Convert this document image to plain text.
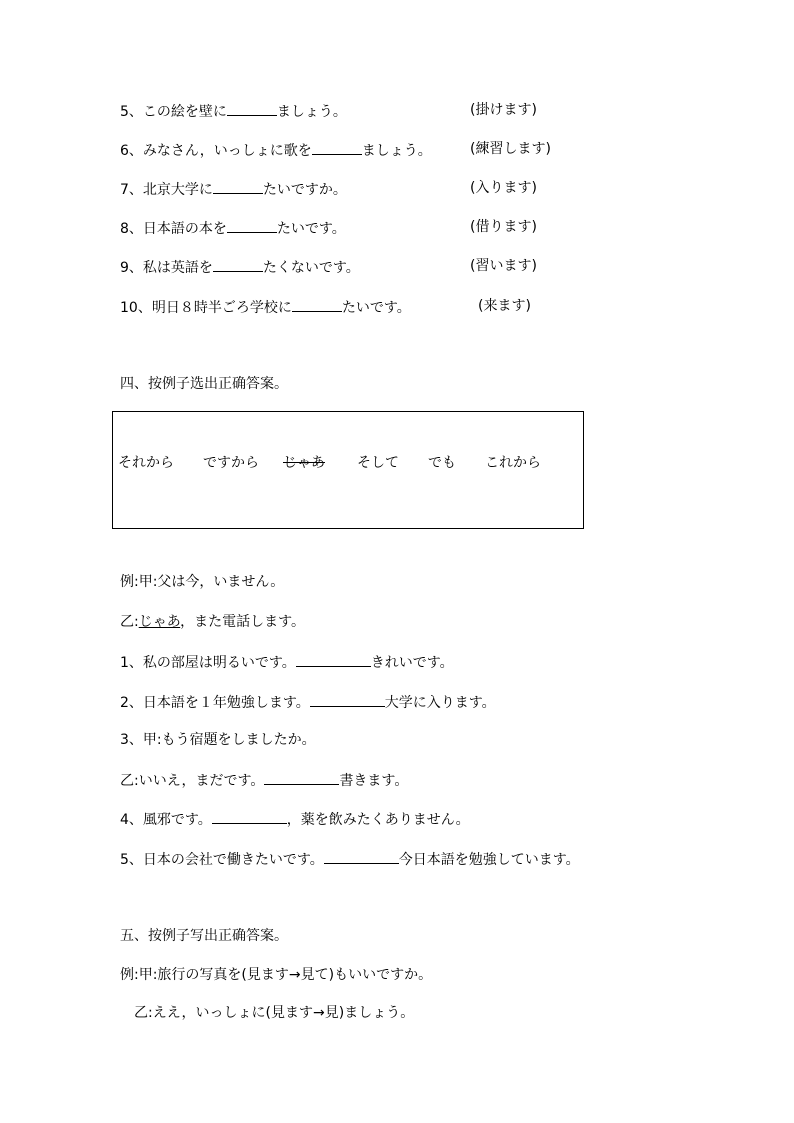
5、この絵を壁に	ましょう。	(掛けます)
6、みなさん，いっしょに歌を	ましょう。	(練習します)
7、北京大学に	たいですか。	(入ります)
8、日本語の本を	たいです。	(借ります)
9、私は英語を	たくないです。	(習います)
10、明日８時半ごろ学校に	たいです。	(来ます)
四、按例子选出正确答案。
それから ですから じゃあ そして でも これから
例:甲:父は今，いません。
乙:じゃあ，また電話します。
1、私の部屋は明るいです。	きれいです。
2、日本語を１年勉強します。	大学に入ります。
3、甲:もう宿題をしましたか。
乙:いいえ，まだです。	書きます。
4、風邪です。	，薬を飲みたくありません。
5、日本の会社で働きたいです。	今日本語を勉強しています。
五、按例子写出正确答案。
例:甲:旅行の写真を(見ます→見て)もいいですか。
乙:ええ，いっしょに(見ます→見)ましょう。
